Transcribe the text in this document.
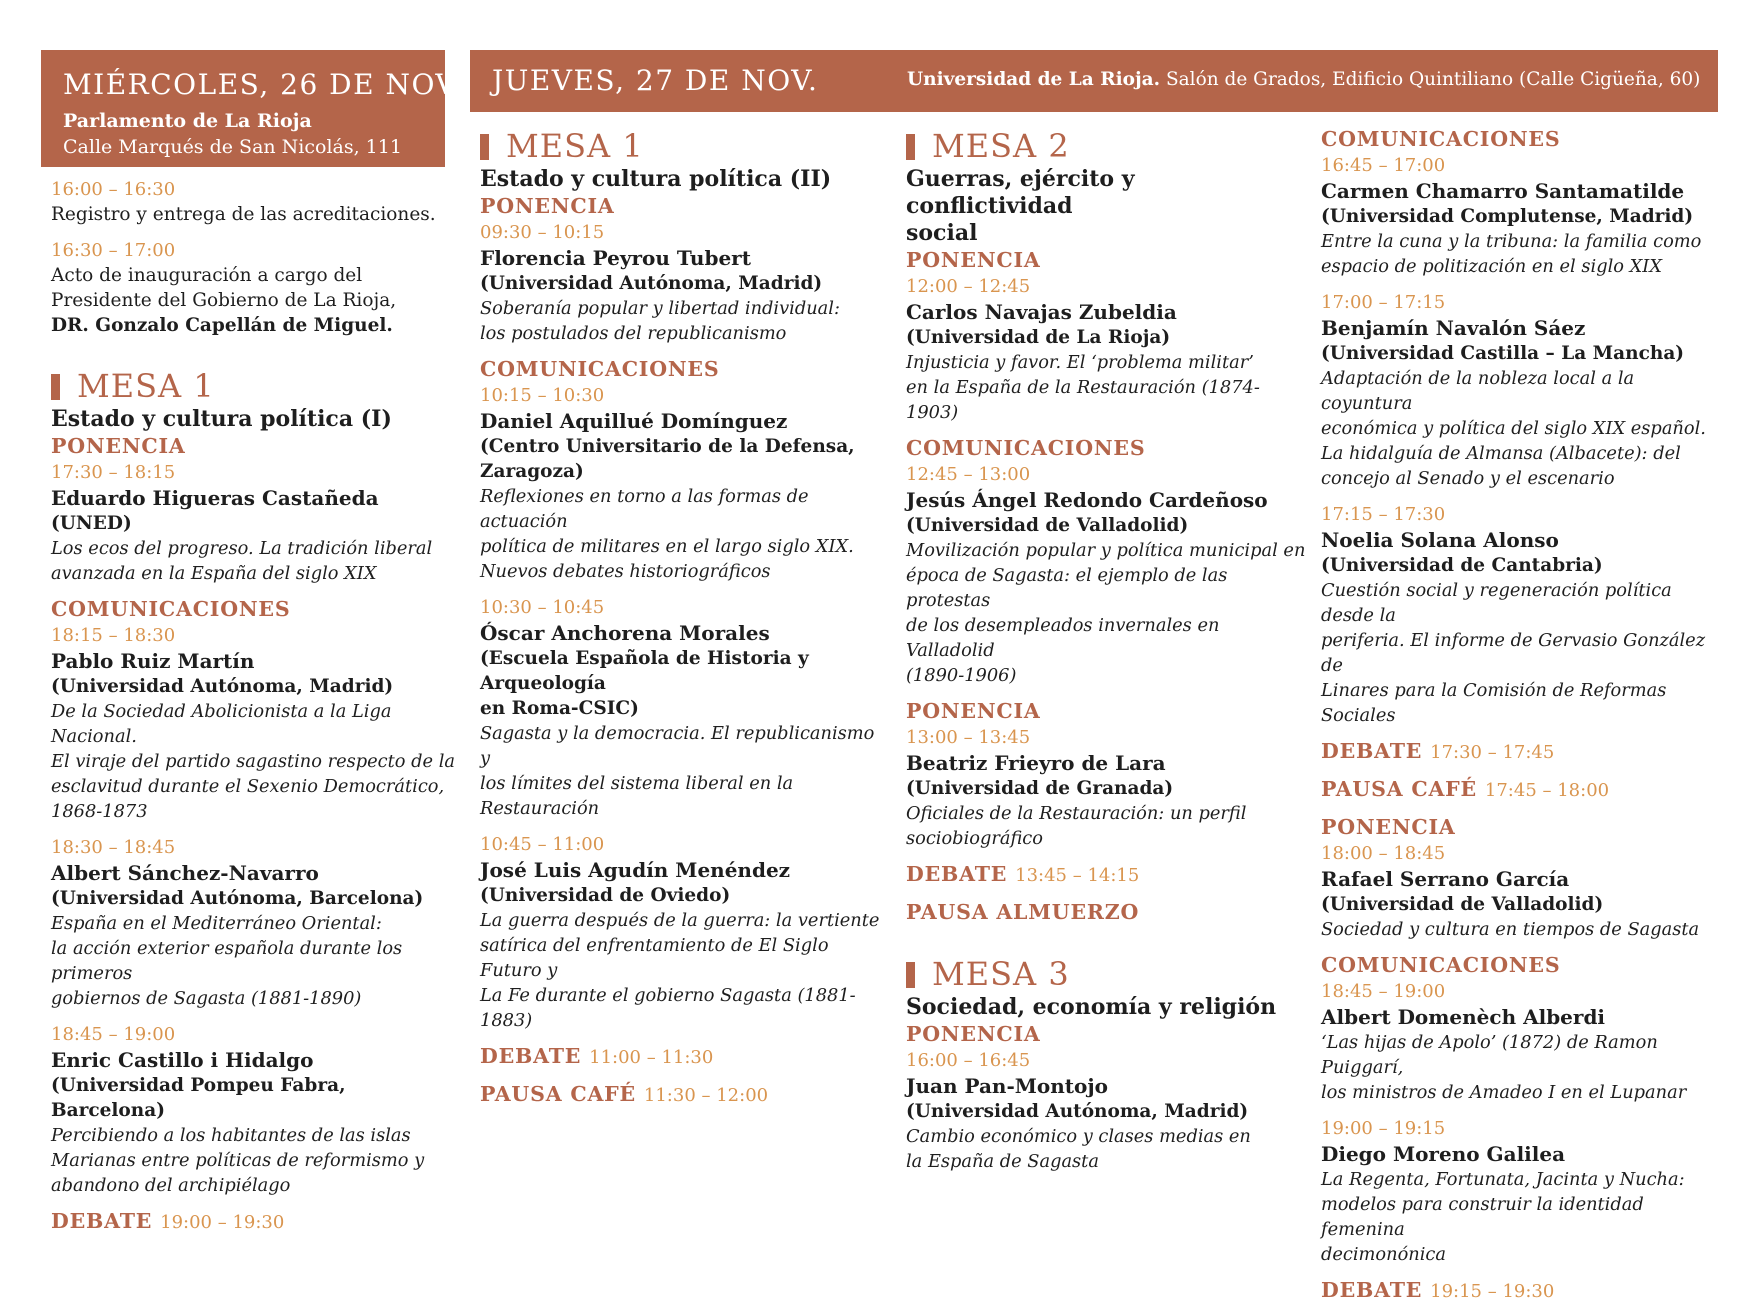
MIÉRCOLES, 26 DE NOV.
Parlamento de La Rioja
Calle Marqués de San Nicolás, 111
JUEVES, 27 DE NOV.	Universidad de La Rioja. Salón de Grados, Edificio Quintiliano (Calle Cigüeña, 60)

16:00 – 16:30

Registro y entrega de las acreditaciones.

16:30 – 17:00

Acto de inauguración a cargo del

Presidente del Gobierno de La Rioja,

DR. Gonzalo Capellán de Miguel.

MESA 1
Estado y cultura política (I)

PONENCIA

17:30 – 18:15

Eduardo Higueras Castañeda

(UNED)

Los ecos del progreso. La tradición liberal

avanzada en la España del siglo XIX

COMUNICACIONES

18:15 – 18:30

Pablo Ruiz Martín

(Universidad Autónoma, Madrid)

De la Sociedad Abolicionista a la Liga Nacional.

El viraje del partido sagastino respecto de la

esclavitud durante el Sexenio Democrático,

1868-1873

18:30 – 18:45

Albert Sánchez-Navarro

(Universidad Autónoma, Barcelona)

España en el Mediterráneo Oriental:

la acción exterior española durante los primeros

gobiernos de Sagasta (1881-1890)

18:45 – 19:00

Enric Castillo i Hidalgo

(Universidad Pompeu Fabra, Barcelona)

Percibiendo a los habitantes de las islas

Marianas entre políticas de reformismo y

abandono del archipiélago

DEBATE 19:00 – 19:30

MESA 1
Estado y cultura política (II)

PONENCIA

09:30 – 10:15

Florencia Peyrou Tubert

(Universidad Autónoma, Madrid)

Soberanía popular y libertad individual:

los postulados del republicanismo

COMUNICACIONES

10:15 – 10:30

Daniel Aquillué Domínguez

(Centro Universitario de la Defensa, Zaragoza)

Reflexiones en torno a las formas de actuación

política de militares en el largo siglo XIX.

Nuevos debates historiográficos

10:30 – 10:45

Óscar Anchorena Morales

(Escuela Española de Historia y Arqueología

en Roma-CSIC)

Sagasta y la democracia. El republicanismo y

los límites del sistema liberal en la Restauración

10:45 – 11:00

José Luis Agudín Menéndez

(Universidad de Oviedo)

La guerra después de la guerra: la vertiente

satírica del enfrentamiento de El Siglo Futuro y

La Fe durante el gobierno Sagasta (1881-1883)

DEBATE 11:00 – 11:30

PAUSA CAFÉ 11:30 – 12:00

MESA 2
Guerras, ejército y conflictividad
social

PONENCIA

12:00 – 12:45

Carlos Navajas Zubeldia

(Universidad de La Rioja)

Injusticia y favor. El ‘problema militar’

en la España de la Restauración (1874-1903)

COMUNICACIONES

12:45 – 13:00

Jesús Ángel Redondo Cardeñoso

(Universidad de Valladolid)

Movilización popular y política municipal en

época de Sagasta: el ejemplo de las protestas

de los desempleados invernales en Valladolid

(1890-1906)

PONENCIA

13:00 – 13:45

Beatriz Frieyro de Lara

(Universidad de Granada)

Oficiales de la Restauración: un perfil

sociobiográfico

DEBATE 13:45 – 14:15

PAUSA ALMUERZO

MESA 3
Sociedad, economía y religión

PONENCIA

16:00 – 16:45

Juan Pan-Montojo

(Universidad Autónoma, Madrid)

Cambio económico y clases medias en

la España de Sagasta

COMUNICACIONES

16:45 – 17:00

Carmen Chamarro Santamatilde

(Universidad Complutense, Madrid)

Entre la cuna y la tribuna: la familia como

espacio de politización en el siglo XIX

17:00 – 17:15

Benjamín Navalón Sáez

(Universidad Castilla – La Mancha)

Adaptación de la nobleza local a la coyuntura

económica y política del siglo XIX español.

La hidalguía de Almansa (Albacete): del

concejo al Senado y el escenario

17:15 – 17:30

Noelia Solana Alonso

(Universidad de Cantabria)

Cuestión social y regeneración política desde la

periferia. El informe de Gervasio González de

Linares para la Comisión de Reformas Sociales

DEBATE 17:30 – 17:45

PAUSA CAFÉ 17:45 – 18:00

PONENCIA

18:00 – 18:45

Rafael Serrano García

(Universidad de Valladolid)

Sociedad y cultura en tiempos de Sagasta

COMUNICACIONES

18:45 – 19:00

Albert Domenèch Alberdi

‘Las hijas de Apolo’ (1872) de Ramon Puiggarí,

los ministros de Amadeo I en el Lupanar

19:00 – 19:15

Diego Moreno Galilea

La Regenta, Fortunata, Jacinta y Nucha:

modelos para construir la identidad femenina

decimonónica

DEBATE 19:15 – 19:30
